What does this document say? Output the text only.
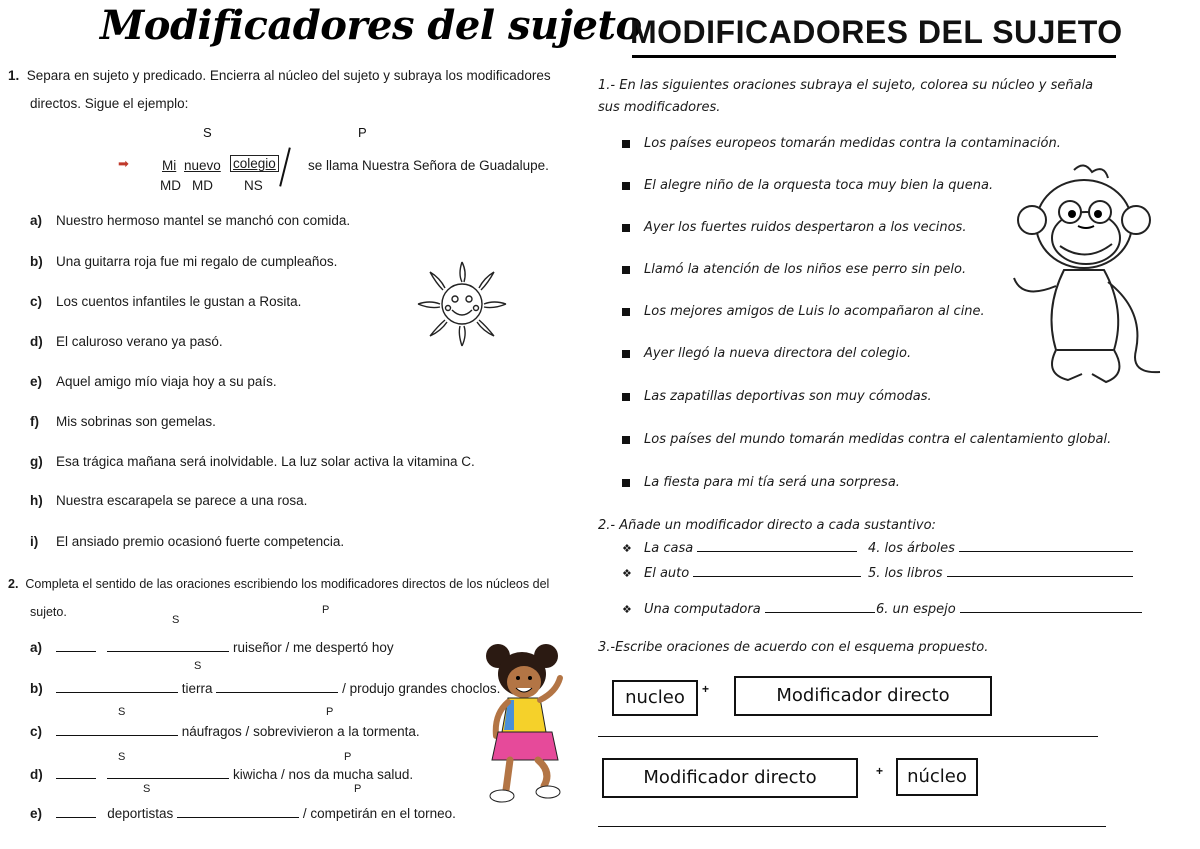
Modificadores del sujeto
1. Separa en sujeto y predicado. Encierra al núcleo del sujeto y subraya los modificadores
directos. Sigue el ejemplo:
S	P
➡ Mi nuevo colegio se llama Nuestra Señora de Guadalupe.
MD MD NS
a) Nuestro hermoso mantel se manchó con comida.
b) Una guitarra roja fue mi regalo de cumpleaños.
c) Los cuentos infantiles le gustan a Rosita.
d) El caluroso verano ya pasó.
e) Aquel amigo mío viaja hoy a su país.
f) Mis sobrinas son gemelas.
g) Esa trágica mañana será inolvidable. La luz solar activa la vitamina C.
h) Nuestra escarapela se parece a una rosa.
i) El ansiado premio ocasionó fuerte competencia.
2. Completa el sentido de las oraciones escribiendo los modificadores directos de los núcleos del
sujeto.
S
P
a)	ruiseñor / me despertó hoy
S
b)	tierra	/ produjo grandes choclos.
S	P
c)	náufragos / sobrevivieron a la tormenta.
S	P
d)	kiwicha / nos da mucha salud.
S	P
e)	deportistas	/ competirán en el torneo.
MODIFICADORES DEL SUJETO
1.- En las siguientes oraciones subraya el sujeto, colorea su núcleo y señala
sus modificadores.
Los países europeos tomarán medidas contra la contaminación.
El alegre niño de la orquesta toca muy bien la quena.
Ayer los fuertes ruidos despertaron a los vecinos.
Llamó la atención de los niños ese perro sin pelo.
Los mejores amigos de Luis lo acompañaron al cine.
Ayer llegó la nueva directora del colegio.
Las zapatillas deportivas son muy cómodas.
Los países del mundo tomarán medidas contra el calentamiento global.
La fiesta para mi tía será una sorpresa.
2.- Añade un modificador directo a cada sustantivo:
❖ La casa	4. los árboles
❖ El auto	5. los libros
❖ Una computadora	6. un espejo
3.-Escribe oraciones de acuerdo con el esquema propuesto.
nucleo	+	Modificador directo
Modificador directo	+	núcleo
